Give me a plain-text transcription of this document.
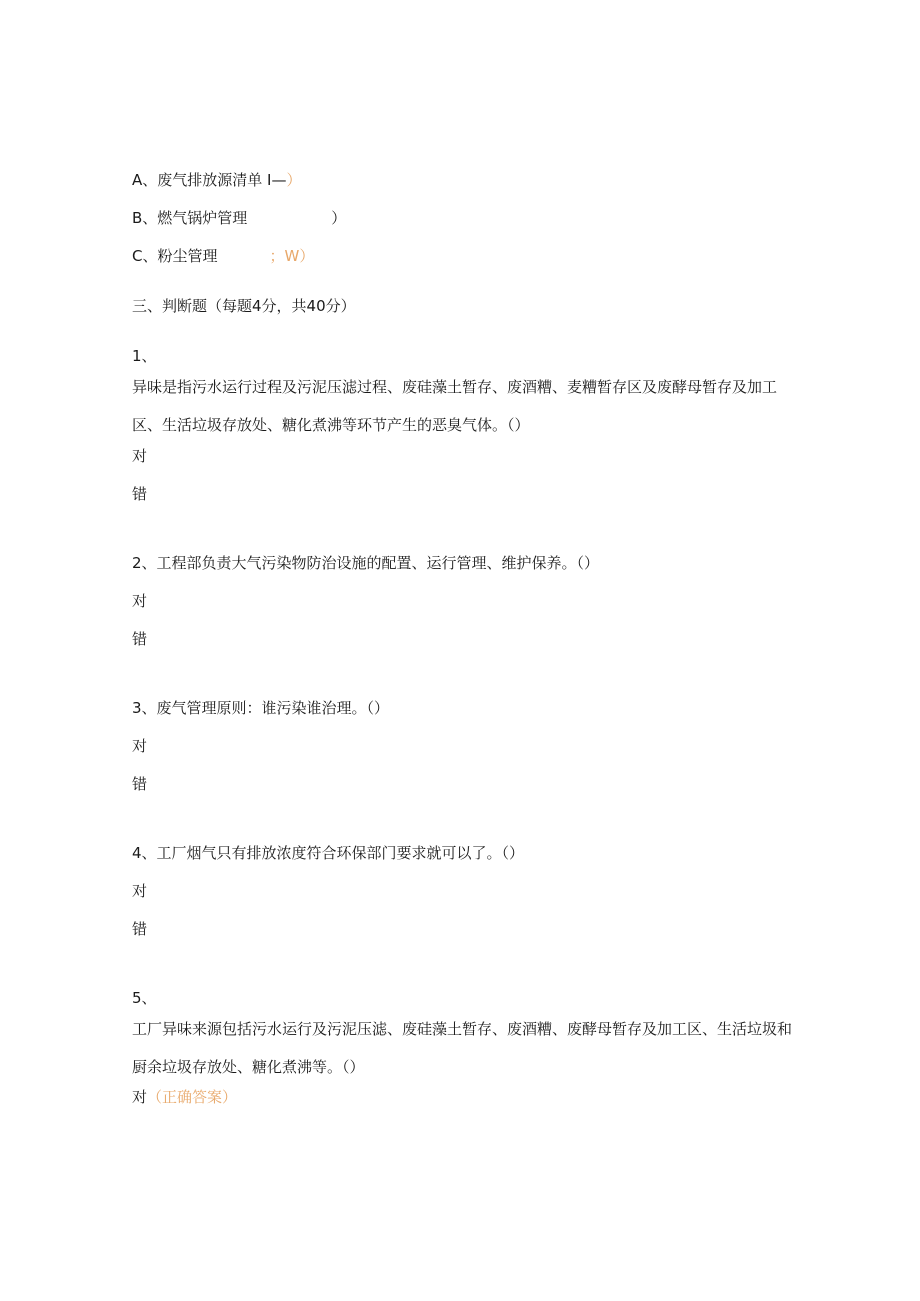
A、废气排放源清单 I—）
B、燃气锅炉管理	）
C、粉尘管理	；W）
三、判断题（每题4分，共40分）
1、
异味是指污水运行过程及污泥压滤过程、废硅藻土暂存、废酒糟、麦糟暂存区及废酵母暂存及加工区、生活垃圾存放处、糖化煮沸等环节产生的恶臭气体。（）
对
错
2、工程部负责大气污染物防治设施的配置、运行管理、维护保养。（）
对
错
3、废气管理原则：谁污染谁治理。（）
对
错
4、工厂烟气只有排放浓度符合环保部门要求就可以了。（）
对
错
5、
工厂异味来源包括污水运行及污泥压滤、废硅藻土暂存、废酒糟、废酵母暂存及加工区、生活垃圾和厨余垃圾存放处、糖化煮沸等。（）
对（正确答案）
